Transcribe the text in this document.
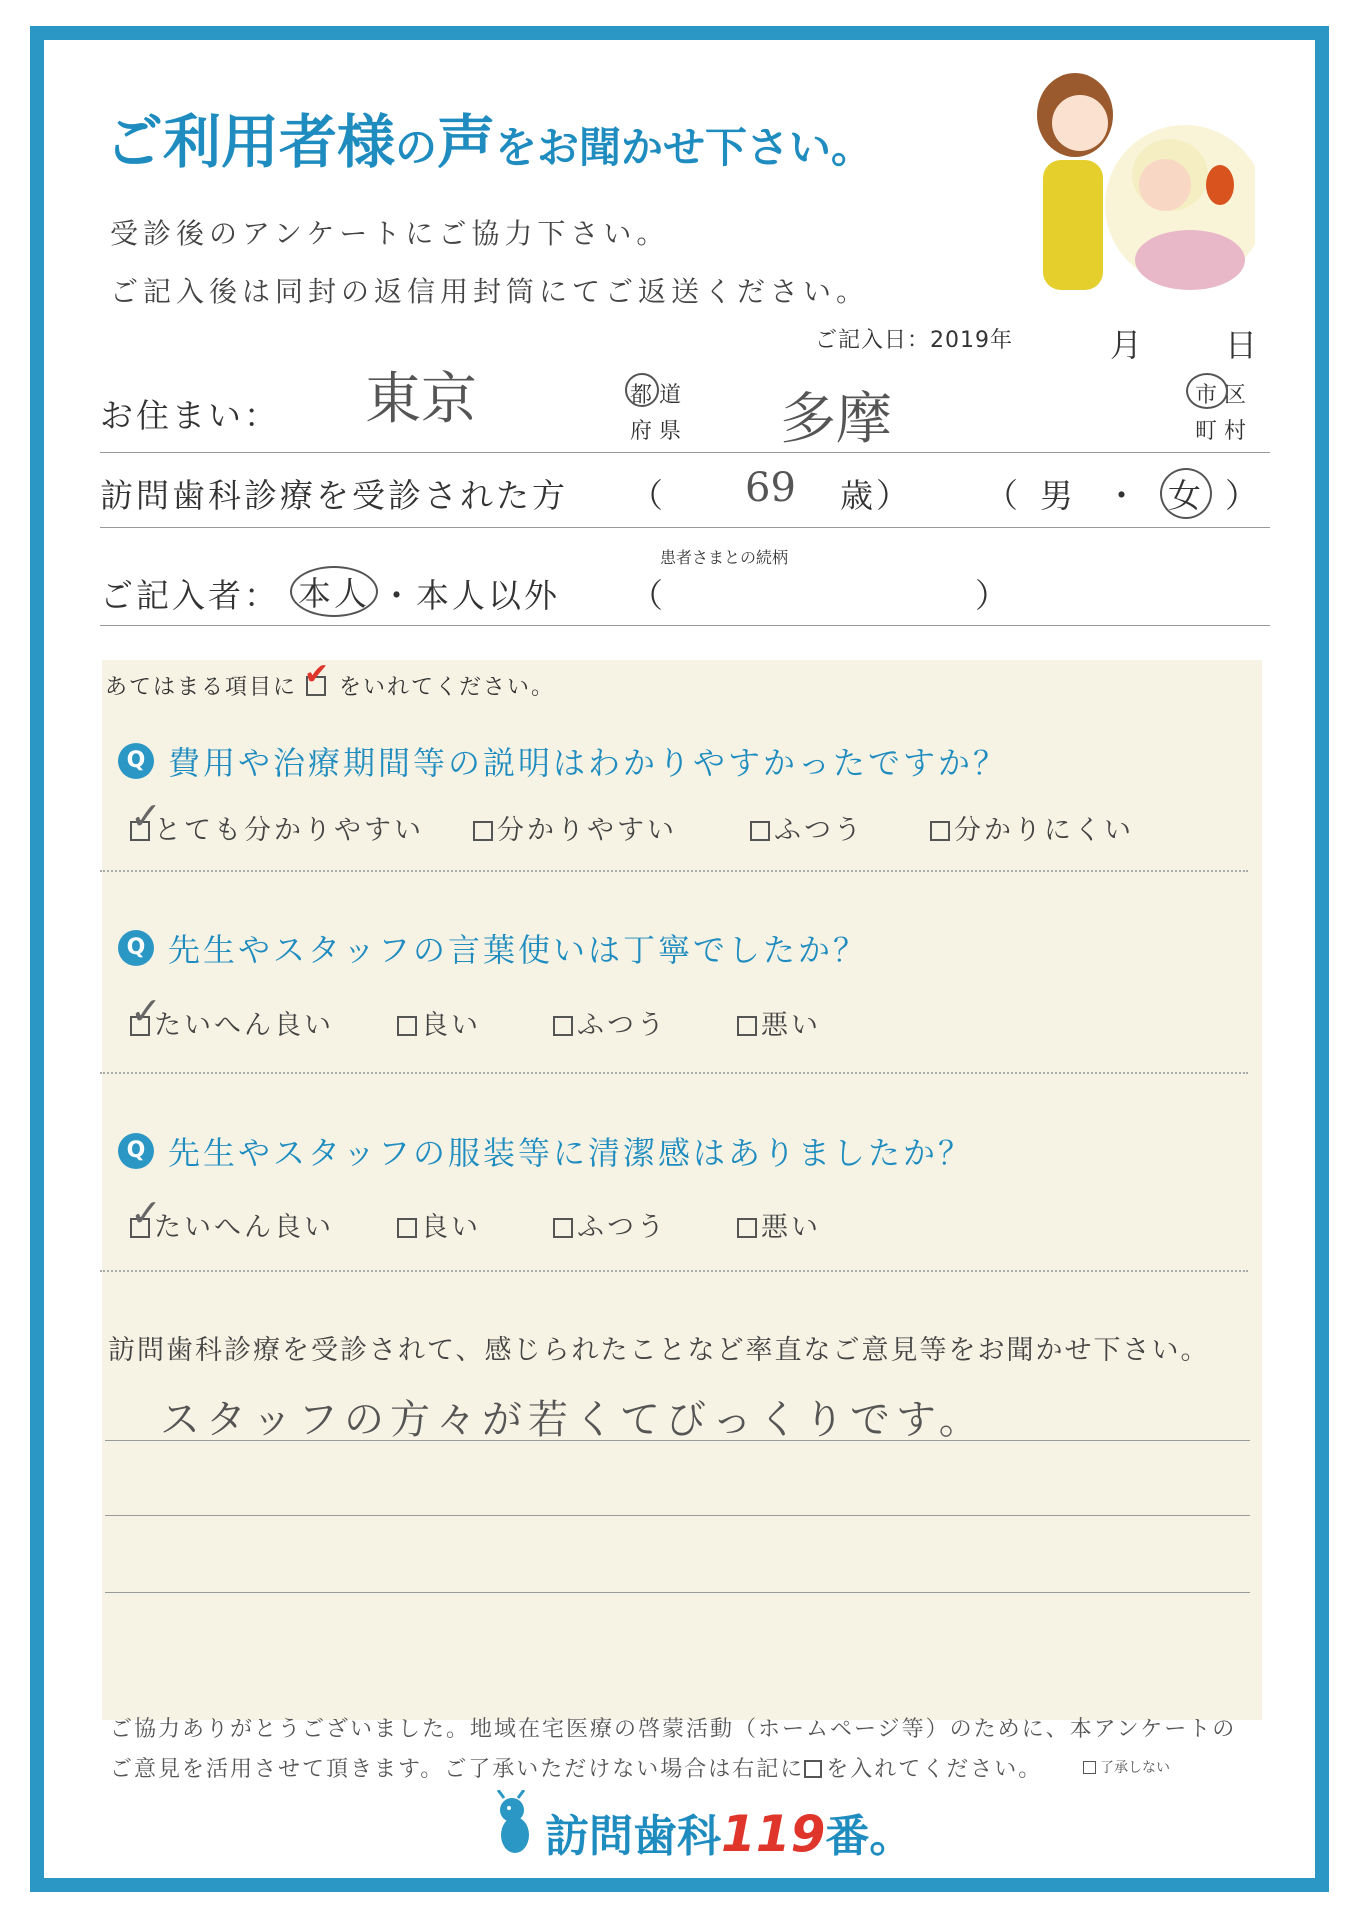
ご利用者様の声をお聞かせ下さい。
受診後のアンケートにご協力下さい。
ご記入後は同封の返信用封筒にてご返送ください。
ご記入日：2019年	月	日
お住まい： 東京	都 道
府 県 多摩	市 区
町 村
訪問歯科診療を受診された方 （ 69 歳） （ 男 ・ 女 ）
ご記入者： 本人 ・本人以外
患者さまとの続柄
（	）
あてはまる項目に ✔ をいれてください。
Q 費用や治療期間等の説明はわかりやすかったですか？
✓
とても分かりやすい	分かりやすい	ふつう	分かりにくい
Q 先生やスタッフの言葉使いは丁寧でしたか？
✓
たいへん良い	良い	ふつう	悪い
Q 先生やスタッフの服装等に清潔感はありましたか？
✓
たいへん良い	良い	ふつう	悪い
訪問歯科診療を受診されて、感じられたことなど率直なご意見等をお聞かせ下さい。
スタッフの方々が若くてびっくりです。
ご協力ありがとうございました。地域在宅医療の啓蒙活動（ホームページ等）のために、本アンケートの
ご意見を活用させて頂きます。ご了承いただけない場合は右記に を入れてください。	了承しない
訪問歯科119番。
